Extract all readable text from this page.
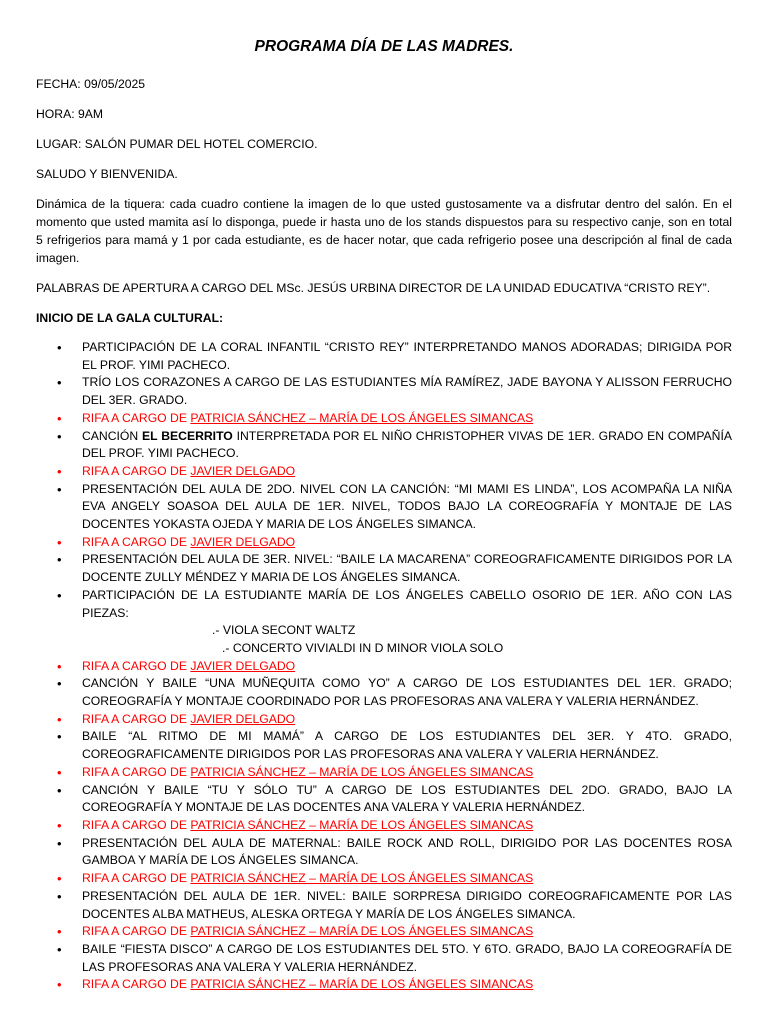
PROGRAMA DÍA DE LAS MADRES.
FECHA: 09/05/2025
HORA: 9AM
LUGAR: SALÓN PUMAR DEL HOTEL COMERCIO.
SALUDO Y BIENVENIDA.
Dinámica de la tiquera: cada cuadro contiene la imagen de lo que usted gustosamente va a disfrutar dentro del salón. En el momento que usted mamita así lo disponga, puede ir hasta uno de los stands dispuestos para su respectivo canje, son en total 5 refrigerios para mamá y 1 por cada estudiante, es de hacer notar, que cada refrigerio posee una descripción al final de cada imagen.
PALABRAS DE APERTURA A CARGO DEL MSc. JESÚS URBINA DIRECTOR DE LA UNIDAD EDUCATIVA “CRISTO REY”.
INICIO DE LA GALA CULTURAL:
• PARTICIPACIÓN DE LA CORAL INFANTIL “CRISTO REY” INTERPRETANDO MANOS ADORADAS; DIRIGIDA POR EL PROF. YIMI PACHECO.
• TRÍO LOS CORAZONES A CARGO DE LAS ESTUDIANTES MÍA RAMÍREZ, JADE BAYONA Y ALISSON FERRUCHO DEL 3ER. GRADO.
• RIFA A CARGO DE PATRICIA SÁNCHEZ – MARÍA DE LOS ÁNGELES SIMANCAS
• CANCIÓN EL BECERRITO INTERPRETADA POR EL NIÑO CHRISTOPHER VIVAS DE 1ER. GRADO EN COMPAÑÍA DEL PROF. YIMI PACHECO.
• RIFA A CARGO DE JAVIER DELGADO
• PRESENTACIÓN DEL AULA DE 2DO. NIVEL CON LA CANCIÓN: “MI MAMI ES LINDA”, LOS ACOMPAÑA LA NIÑA EVA ANGELY SOASOA DEL AULA DE 1ER. NIVEL, TODOS BAJO LA COREOGRAFÍA Y MONTAJE DE LAS DOCENTES YOKASTA OJEDA Y MARIA DE LOS ÁNGELES SIMANCA.
• RIFA A CARGO DE JAVIER DELGADO
• PRESENTACIÓN DEL AULA DE 3ER. NIVEL: “BAILE LA MACARENA” COREOGRAFICAMENTE DIRIGIDOS POR LA DOCENTE ZULLY MÉNDEZ Y MARIA DE LOS ÁNGELES SIMANCA.
• PARTICIPACIÓN DE LA ESTUDIANTE MARÍA DE LOS ÁNGELES CABELLO OSORIO DE 1ER. AÑO CON LAS PIEZAS:
.- VIOLA SECONT WALTZ
.- CONCERTO VIVIALDI IN D MINOR VIOLA SOLO
• RIFA A CARGO DE JAVIER DELGADO
• CANCIÓN Y BAILE “UNA MUÑEQUITA COMO YO” A CARGO DE LOS ESTUDIANTES DEL 1ER. GRADO; COREOGRAFÍA Y MONTAJE COORDINADO POR LAS PROFESORAS ANA VALERA Y VALERIA HERNÁNDEZ.
• RIFA A CARGO DE JAVIER DELGADO
• BAILE “AL RITMO DE MI MAMÁ” A CARGO DE LOS ESTUDIANTES DEL 3ER. Y 4TO. GRADO, COREOGRAFICAMENTE DIRIGIDOS POR LAS PROFESORAS ANA VALERA Y VALERIA HERNÁNDEZ.
• RIFA A CARGO DE PATRICIA SÁNCHEZ – MARÍA DE LOS ÁNGELES SIMANCAS
• CANCIÓN Y BAILE “TU Y SÓLO TU” A CARGO DE LOS ESTUDIANTES DEL 2DO. GRADO, BAJO LA COREOGRAFÍA Y MONTAJE DE LAS DOCENTES ANA VALERA Y VALERIA HERNÁNDEZ.
• RIFA A CARGO DE PATRICIA SÁNCHEZ – MARÍA DE LOS ÁNGELES SIMANCAS
• PRESENTACIÓN DEL AULA DE MATERNAL: BAILE ROCK AND ROLL, DIRIGIDO POR LAS DOCENTES ROSA GAMBOA Y MARÍA DE LOS ÁNGELES SIMANCA.
• RIFA A CARGO DE PATRICIA SÁNCHEZ – MARÍA DE LOS ÁNGELES SIMANCAS
• PRESENTACIÓN DEL AULA DE 1ER. NIVEL: BAILE SORPRESA DIRIGIDO COREOGRAFICAMENTE POR LAS DOCENTES ALBA MATHEUS, ALESKA ORTEGA Y MARÍA DE LOS ÁNGELES SIMANCA.
• RIFA A CARGO DE PATRICIA SÁNCHEZ – MARÍA DE LOS ÁNGELES SIMANCAS
• BAILE “FIESTA DISCO” A CARGO DE LOS ESTUDIANTES DEL 5TO. Y 6TO. GRADO, BAJO LA COREOGRAFÍA DE LAS PROFESORAS ANA VALERA Y VALERIA HERNÁNDEZ.
• RIFA A CARGO DE PATRICIA SÁNCHEZ – MARÍA DE LOS ÁNGELES SIMANCAS
